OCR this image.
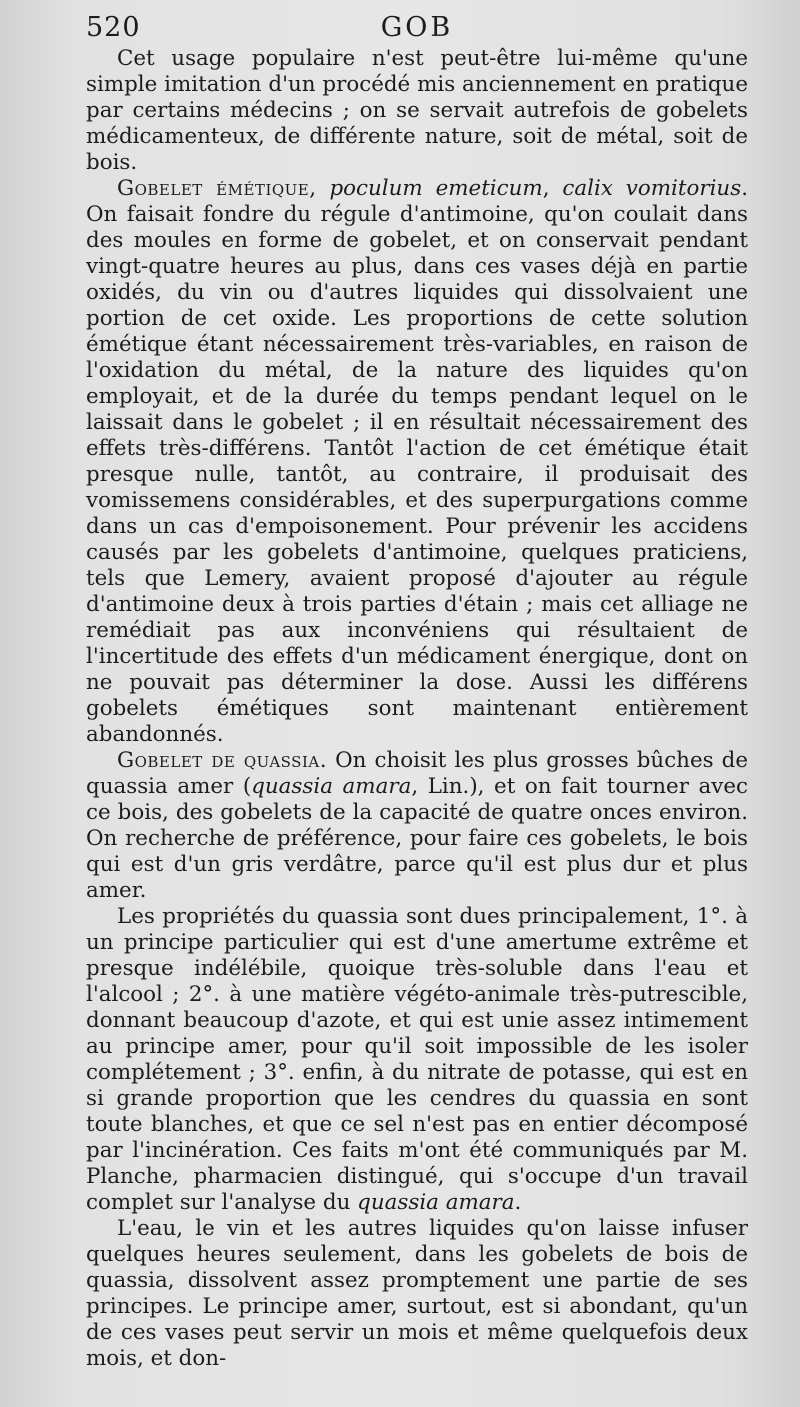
520	GOB

Cet usage populaire n'est peut-être lui-même qu'une simple imitation d'un procédé mis anciennement en pratique par certains médecins ; on se servait autrefois de gobelets médicamenteux, de différente nature, soit de métal, soit de bois.

Gobelet émétique, poculum emeticum, calix vomitorius. On faisait fondre du régule d'antimoine, qu'on coulait dans des moules en forme de gobelet, et on conservait pendant vingt-quatre heures au plus, dans ces vases déjà en partie oxidés, du vin ou d'autres liquides qui dissolvaient une portion de cet oxide. Les proportions de cette solution émétique étant nécessairement très-variables, en raison de l'oxidation du métal, de la nature des liquides qu'on employait, et de la durée du temps pendant lequel on le laissait dans le gobelet ; il en résultait nécessairement des effets très-différens. Tantôt l'action de cet émétique était presque nulle, tantôt, au contraire, il produisait des vomissemens considérables, et des superpurgations comme dans un cas d'empoisonement. Pour prévenir les accidens causés par les gobelets d'antimoine, quelques praticiens, tels que Lemery, avaient proposé d'ajouter au régule d'antimoine deux à trois parties d'étain ; mais cet alliage ne remédiait pas aux inconvéniens qui résultaient de l'incertitude des effets d'un médicament énergique, dont on ne pouvait pas déterminer la dose. Aussi les différens gobelets émétiques sont maintenant entièrement abandonnés.

Gobelet de quassia. On choisit les plus grosses bûches de quassia amer (quassia amara, Lin.), et on fait tourner avec ce bois, des gobelets de la capacité de quatre onces environ. On recherche de préférence, pour faire ces gobelets, le bois qui est d'un gris verdâtre, parce qu'il est plus dur et plus amer.

Les propriétés du quassia sont dues principalement, 1°. à un principe particulier qui est d'une amertume extrême et presque indélébile, quoique très-soluble dans l'eau et l'alcool ; 2°. à une matière végéto-animale très-putrescible, donnant beaucoup d'azote, et qui est unie assez intimement au principe amer, pour qu'il soit impossible de les isoler complétement ; 3°. enfin, à du nitrate de potasse, qui est en si grande proportion que les cendres du quassia en sont toute blanches, et que ce sel n'est pas en entier décomposé par l'incinération. Ces faits m'ont été communiqués par M. Planche, pharmacien distingué, qui s'occupe d'un travail complet sur l'analyse du quassia amara.

L'eau, le vin et les autres liquides qu'on laisse infuser quelques heures seulement, dans les gobelets de bois de quassia, dissolvent assez promptement une partie de ses principes. Le principe amer, surtout, est si abondant, qu'un de ces vases peut servir un mois et même quelquefois deux mois, et don-
